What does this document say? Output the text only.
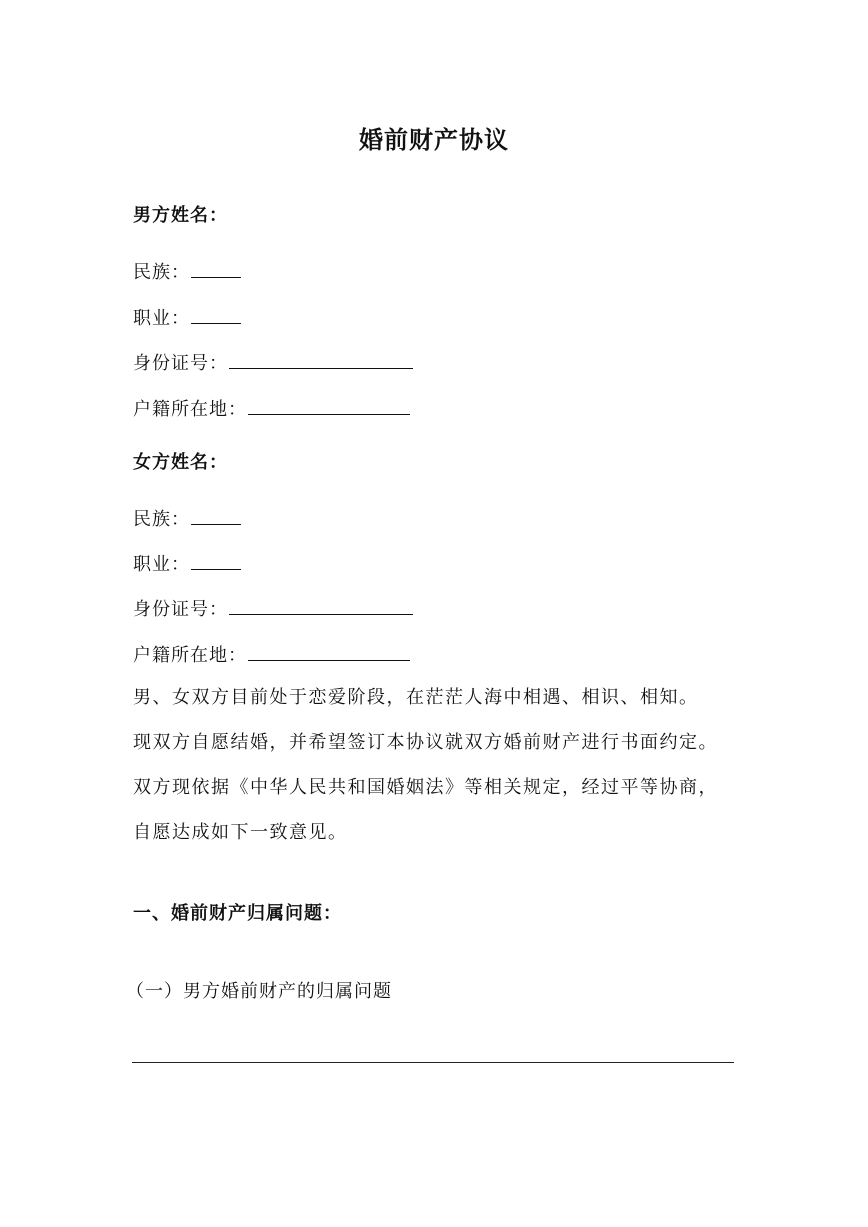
婚前财产协议
男方姓名：
民族：
职业：
身份证号：
户籍所在地：
女方姓名：
民族：
职业：
身份证号：
户籍所在地：

男、女双方目前处于恋爱阶段，在茫茫人海中相遇、相识、相知。

现双方自愿结婚，并希望签订本协议就双方婚前财产进行书面约定。

双方现依据《中华人民共和国婚姻法》等相关规定，经过平等协商，

自愿达成如下一致意见。

一、婚前财产归属问题：
（一）男方婚前财产的归属问题
